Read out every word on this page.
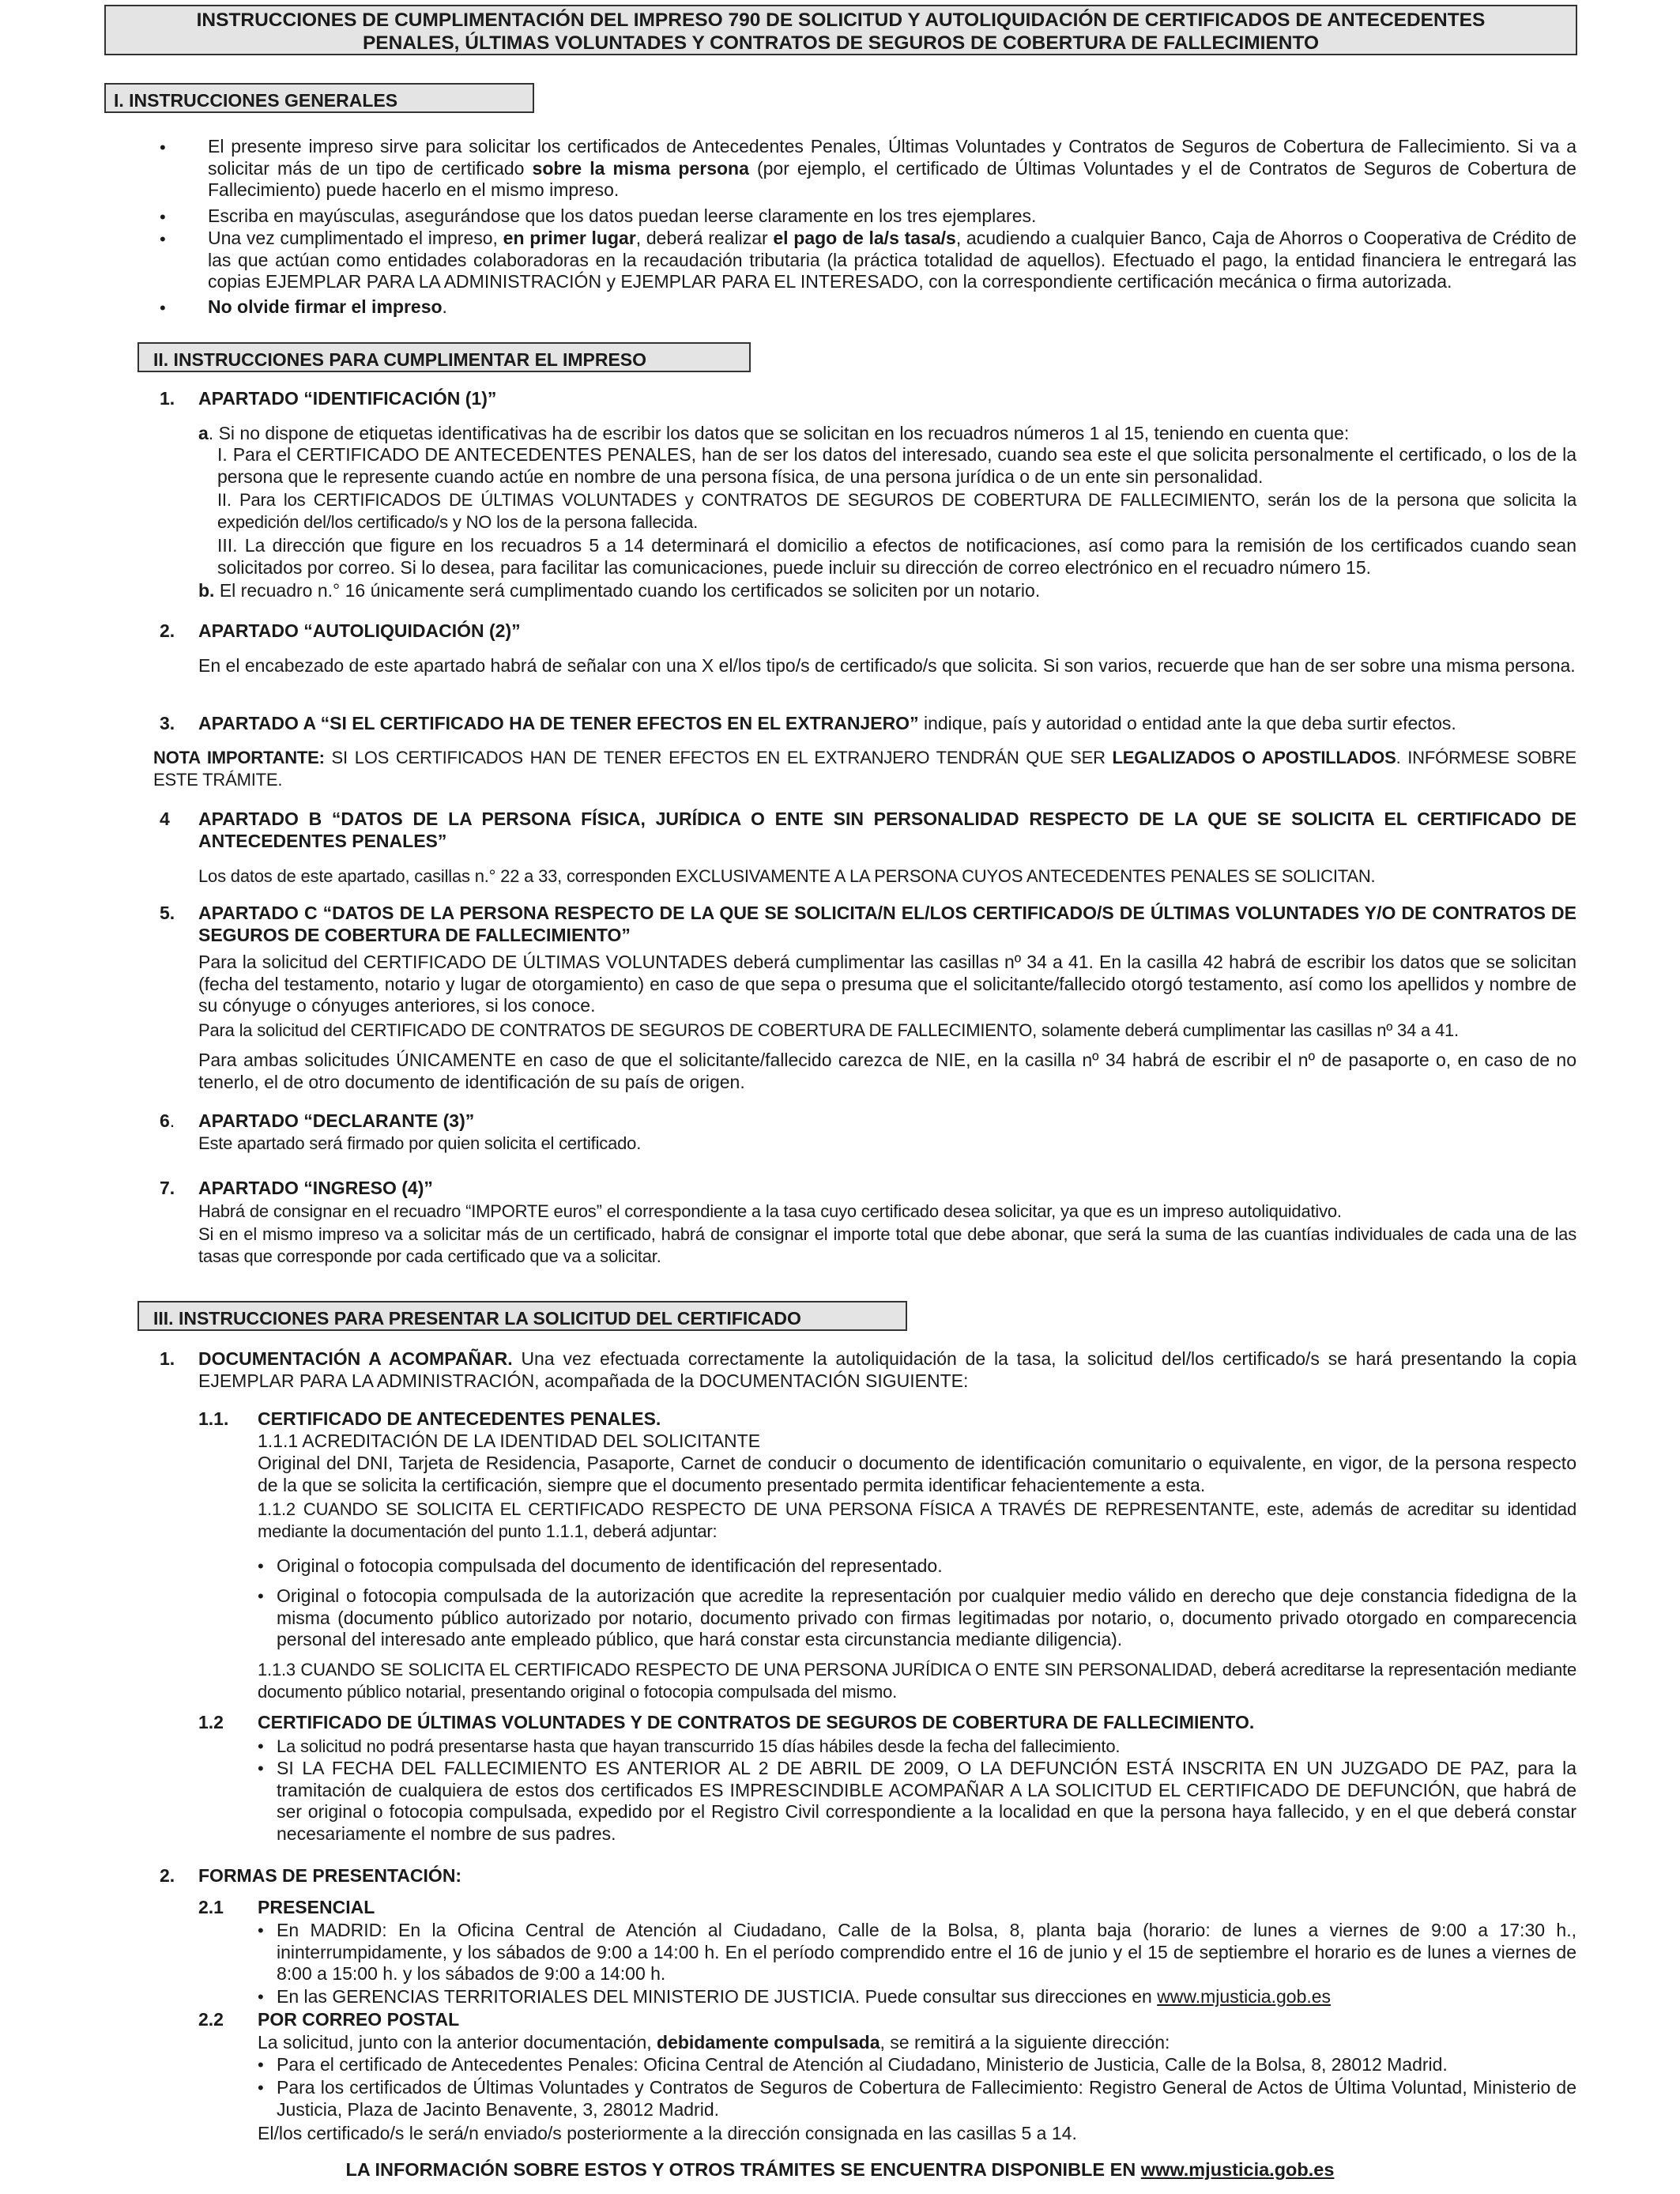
INSTRUCCIONES DE CUMPLIMENTACIÓN DEL IMPRESO 790 DE SOLICITUD Y AUTOLIQUIDACIÓN DE CERTIFICADOS DE ANTECEDENTES
PENALES, ÚLTIMAS VOLUNTADES Y CONTRATOS DE SEGUROS DE COBERTURA DE FALLECIMIENTO
I. INSTRUCCIONES GENERALES
• El presente impreso sirve para solicitar los certificados de Antecedentes Penales, Últimas Voluntades y Contratos de Seguros de Cobertura de Fallecimiento. Si va a solicitar más de un tipo de certificado sobre la misma persona (por ejemplo, el certificado de Últimas Voluntades y el de Contratos de Seguros de Cobertura de Fallecimiento) puede hacerlo en el mismo impreso.
• Escriba en mayúsculas, asegurándose que los datos puedan leerse claramente en los tres ejemplares.
• Una vez cumplimentado el impreso, en primer lugar, deberá realizar el pago de la/s tasa/s, acudiendo a cualquier Banco, Caja de Ahorros o Cooperativa de Crédito de las que actúan como entidades colaboradoras en la recaudación tributaria (la práctica totalidad de aquellos). Efectuado el pago, la entidad financiera le entregará las copias EJEMPLAR PARA LA ADMINISTRACIÓN y EJEMPLAR PARA EL INTERESADO, con la correspondiente certificación mecánica o firma autorizada.
• No olvide firmar el impreso.
II. INSTRUCCIONES PARA CUMPLIMENTAR EL IMPRESO
1. APARTADO “IDENTIFICACIÓN (1)”
a. Si no dispone de etiquetas identificativas ha de escribir los datos que se solicitan en los recuadros números 1 al 15, teniendo en cuenta que:
I. Para el CERTIFICADO DE ANTECEDENTES PENALES, han de ser los datos del interesado, cuando sea este el que solicita personalmente el certificado, o los de la persona que le represente cuando actúe en nombre de una persona física, de una persona jurídica o de un ente sin personalidad.
II. Para los CERTIFICADOS DE ÚLTIMAS VOLUNTADES y CONTRATOS DE SEGUROS DE COBERTURA DE FALLECIMIENTO, serán los de la persona que solicita la expedición del/los certificado/s y NO los de la persona fallecida.
III. La dirección que figure en los recuadros 5 a 14 determinará el domicilio a efectos de notificaciones, así como para la remisión de los certificados cuando sean solicitados por correo. Si lo desea, para facilitar las comunicaciones, puede incluir su dirección de correo electrónico en el recuadro número 15.
b. El recuadro n.° 16 únicamente será cumplimentado cuando los certificados se soliciten por un notario.
2. APARTADO “AUTOLIQUIDACIÓN (2)”
En el encabezado de este apartado habrá de señalar con una X el/los tipo/s de certificado/s que solicita. Si son varios, recuerde que han de ser sobre una misma persona.
3. APARTADO A “SI EL CERTIFICADO HA DE TENER EFECTOS EN EL EXTRANJERO” indique, país y autoridad o entidad ante la que deba surtir efectos.
NOTA IMPORTANTE: SI LOS CERTIFICADOS HAN DE TENER EFECTOS EN EL EXTRANJERO TENDRÁN QUE SER LEGALIZADOS O APOSTILLADOS. INFÓRMESE SOBRE ESTE TRÁMITE.
4 APARTADO B “DATOS DE LA PERSONA FÍSICA, JURÍDICA O ENTE SIN PERSONALIDAD RESPECTO DE LA QUE SE SOLICITA EL CERTIFICADO DE ANTECEDENTES PENALES”
Los datos de este apartado, casillas n.° 22 a 33, corresponden EXCLUSIVAMENTE A LA PERSONA CUYOS ANTECEDENTES PENALES SE SOLICITAN.
5. APARTADO C “DATOS DE LA PERSONA RESPECTO DE LA QUE SE SOLICITA/N EL/LOS CERTIFICADO/S DE ÚLTIMAS VOLUNTADES Y/O DE CONTRATOS DE SEGUROS DE COBERTURA DE FALLECIMIENTO”
Para la solicitud del CERTIFICADO DE ÚLTIMAS VOLUNTADES deberá cumplimentar las casillas nº 34 a 41. En la casilla 42 habrá de escribir los datos que se solicitan (fecha del testamento, notario y lugar de otorgamiento) en caso de que sepa o presuma que el solicitante/fallecido otorgó testamento, así como los apellidos y nombre de su cónyuge o cónyuges anteriores, si los conoce.
Para la solicitud del CERTIFICADO DE CONTRATOS DE SEGUROS DE COBERTURA DE FALLECIMIENTO, solamente deberá cumplimentar las casillas nº 34 a 41.
Para ambas solicitudes ÚNICAMENTE en caso de que el solicitante/fallecido carezca de NIE, en la casilla nº 34 habrá de escribir el nº de pasaporte o, en caso de no tenerlo, el de otro documento de identificación de su país de origen.
6. APARTADO “DECLARANTE (3)”
Este apartado será firmado por quien solicita el certificado.
7. APARTADO “INGRESO (4)”
Habrá de consignar en el recuadro “IMPORTE euros” el correspondiente a la tasa cuyo certificado desea solicitar, ya que es un impreso autoliquidativo.
Si en el mismo impreso va a solicitar más de un certificado, habrá de consignar el importe total que debe abonar, que será la suma de las cuantías individuales de cada una de las tasas que corresponde por cada certificado que va a solicitar.
III. INSTRUCCIONES PARA PRESENTAR LA SOLICITUD DEL CERTIFICADO
1. DOCUMENTACIÓN A ACOMPAÑAR. Una vez efectuada correctamente la autoliquidación de la tasa, la solicitud del/los certificado/s se hará presentando la copia EJEMPLAR PARA LA ADMINISTRACIÓN, acompañada de la DOCUMENTACIÓN SIGUIENTE:
1.1. CERTIFICADO DE ANTECEDENTES PENALES.
1.1.1 ACREDITACIÓN DE LA IDENTIDAD DEL SOLICITANTE
Original del DNI, Tarjeta de Residencia, Pasaporte, Carnet de conducir o documento de identificación comunitario o equivalente, en vigor, de la persona respecto de la que se solicita la certificación, siempre que el documento presentado permita identificar fehacientemente a esta.
1.1.2 CUANDO SE SOLICITA EL CERTIFICADO RESPECTO DE UNA PERSONA FÍSICA A TRAVÉS DE REPRESENTANTE, este, además de acreditar su identidad mediante la documentación del punto 1.1.1, deberá adjuntar:
• Original o fotocopia compulsada del documento de identificación del representado.
• Original o fotocopia compulsada de la autorización que acredite la representación por cualquier medio válido en derecho que deje constancia fidedigna de la misma (documento público autorizado por notario, documento privado con firmas legitimadas por notario, o, documento privado otorgado en comparecencia personal del interesado ante empleado público, que hará constar esta circunstancia mediante diligencia).
1.1.3 CUANDO SE SOLICITA EL CERTIFICADO RESPECTO DE UNA PERSONA JURÍDICA O ENTE SIN PERSONALIDAD, deberá acreditarse la representación mediante documento público notarial, presentando original o fotocopia compulsada del mismo.
1.2 CERTIFICADO DE ÚLTIMAS VOLUNTADES Y DE CONTRATOS DE SEGUROS DE COBERTURA DE FALLECIMIENTO.
• La solicitud no podrá presentarse hasta que hayan transcurrido 15 días hábiles desde la fecha del fallecimiento.
• SI LA FECHA DEL FALLECIMIENTO ES ANTERIOR AL 2 DE ABRIL DE 2009, O LA DEFUNCIÓN ESTÁ INSCRITA EN UN JUZGADO DE PAZ, para la tramitación de cualquiera de estos dos certificados ES IMPRESCINDIBLE ACOMPAÑAR A LA SOLICITUD EL CERTIFICADO DE DEFUNCIÓN, que habrá de ser original o fotocopia compulsada, expedido por el Registro Civil correspondiente a la localidad en que la persona haya fallecido, y en el que deberá constar necesariamente el nombre de sus padres.
2. FORMAS DE PRESENTACIÓN:
2.1 PRESENCIAL
• En MADRID: En la Oficina Central de Atención al Ciudadano, Calle de la Bolsa, 8, planta baja (horario: de lunes a viernes de 9:00 a 17:30 h., ininterrumpidamente, y los sábados de 9:00 a 14:00 h. En el período comprendido entre el 16 de junio y el 15 de septiembre el horario es de lunes a viernes de 8:00 a 15:00 h. y los sábados de 9:00 a 14:00 h.
• En las GERENCIAS TERRITORIALES DEL MINISTERIO DE JUSTICIA. Puede consultar sus direcciones en www.mjusticia.gob.es
2.2 POR CORREO POSTAL
La solicitud, junto con la anterior documentación, debidamente compulsada, se remitirá a la siguiente dirección:
• Para el certificado de Antecedentes Penales: Oficina Central de Atención al Ciudadano, Ministerio de Justicia, Calle de la Bolsa, 8, 28012 Madrid.
• Para los certificados de Últimas Voluntades y Contratos de Seguros de Cobertura de Fallecimiento: Registro General de Actos de Última Voluntad, Ministerio de Justicia, Plaza de Jacinto Benavente, 3, 28012 Madrid.
El/los certificado/s le será/n enviado/s posteriormente a la dirección consignada en las casillas 5 a 14.
LA INFORMACIÓN SOBRE ESTOS Y OTROS TRÁMITES SE ENCUENTRA DISPONIBLE EN www.mjusticia.gob.es
